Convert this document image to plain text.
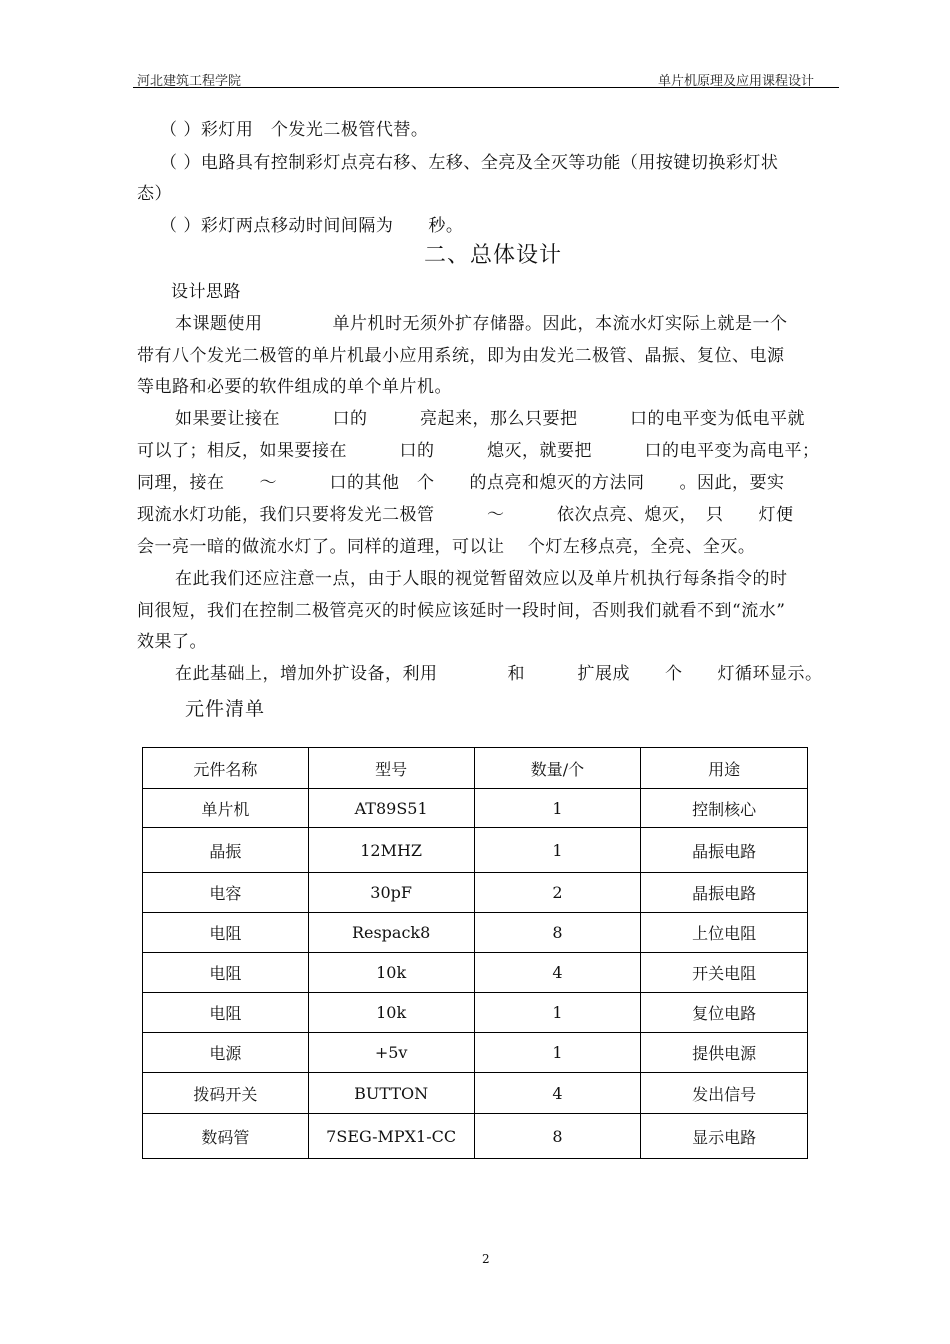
河北建筑工程学院	单片机原理及应用课程设计
（ ）彩灯用　个发光二极管代替。
（ ）电路具有控制彩灯点亮右移、左移、全亮及全灭等功能（用按键切换彩灯状
态）
（ ）彩灯两点移动时间间隔为　　秒。
二、总体设计
设计思路
本课题使用　　　　单片机时无须外扩存储器。因此，本流水灯实际上就是一个
带有八个发光二极管的单片机最小应用系统，即为由发光二极管、晶振、复位、电源
等电路和必要的软件组成的单个单片机。
如果要让接在　　　口的　　　亮起来，那么只要把　　　口的电平变为低电平就
可以了；相反，如果要接在　　　口的　　　熄灭，就要把　　　口的电平变为高电平；
同理，接在　　～　　　口的其他　个　　的点亮和熄灭的方法同　　。因此，要实
现流水灯功能，我们只要将发光二极管　　　～　　　依次点亮、熄灭，　只　　灯便
会一亮一暗的做流水灯了。同样的道理，可以让　 个灯左移点亮，全亮、全灭。
在此我们还应注意一点，由于人眼的视觉暂留效应以及单片机执行每条指令的时
间很短，我们在控制二极管亮灭的时候应该延时一段时间，否则我们就看不到“流水”
效果了。
在此基础上，增加外扩设备，利用　　　　和　　　扩展成　　个　　灯循环显示。
元件清单
元件名称	型号	数量/个	用途
单片机	AT89S51	1	控制核心
晶振	12MHZ	1	晶振电路
电容	30pF	2	晶振电路
电阻	Respack8	8	上位电阻
电阻	10k	4	开关电阻
电阻	10k	1	复位电路
电源	+5v	1	提供电源
拨码开关	BUTTON	4	发出信号
数码管	7SEG-MPX1-CC	8	显示电路
2
